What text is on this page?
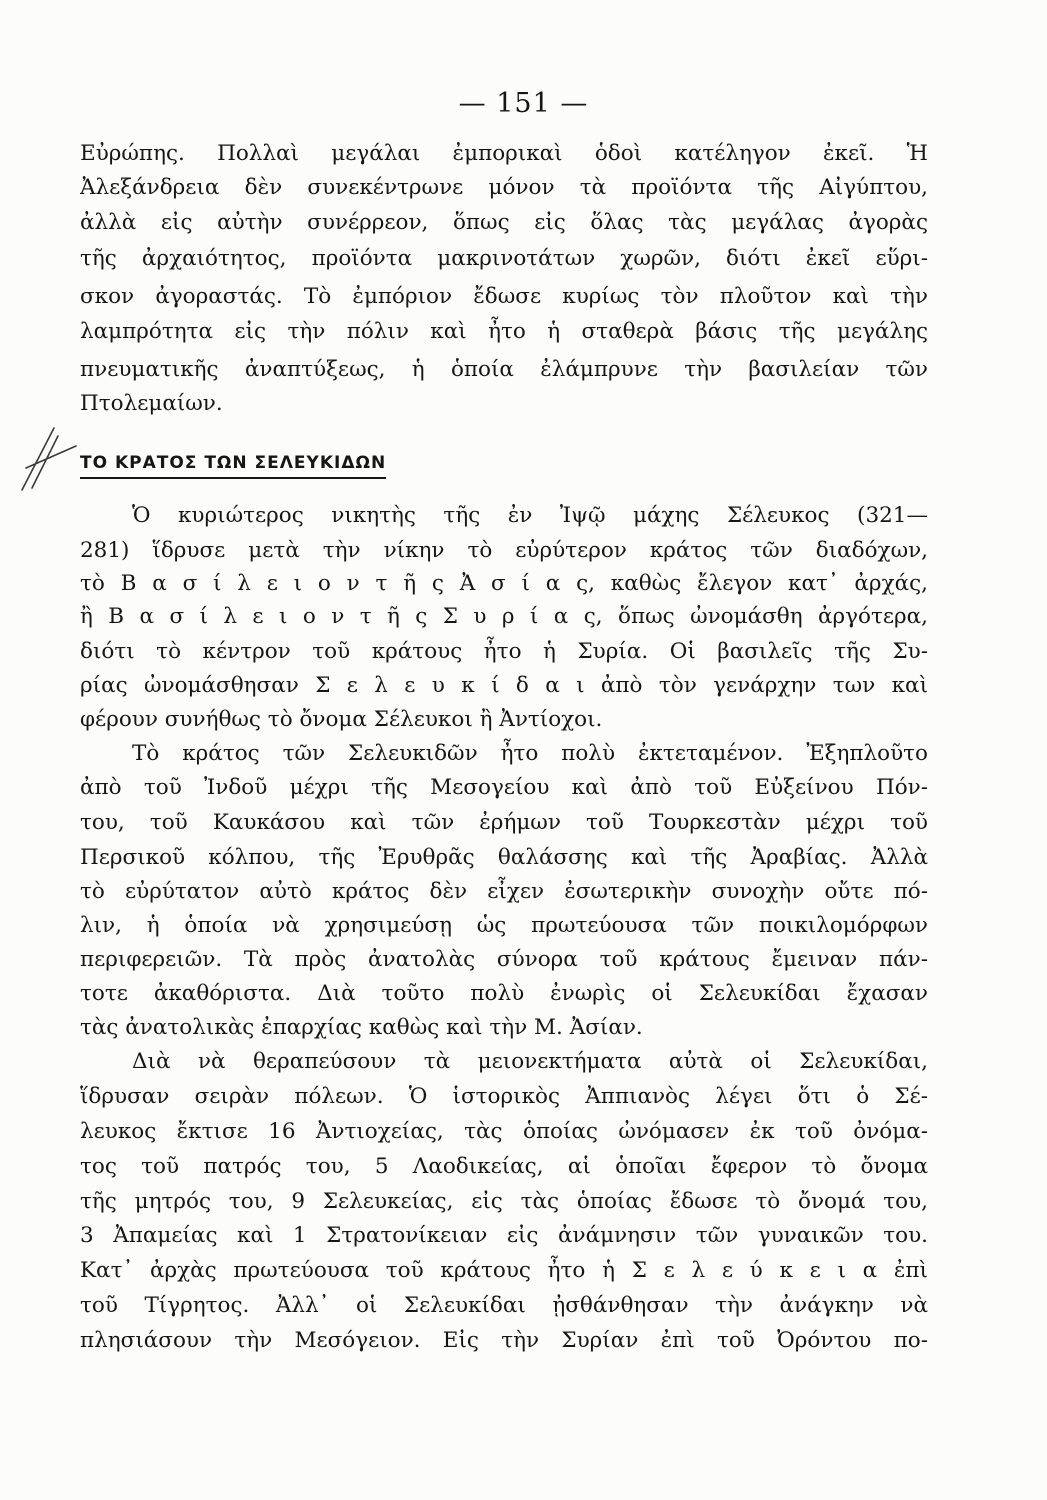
— 151 —
Εὐρώπης. Πολλαὶ μεγάλαι ἐμπορικαὶ ὁδοὶ κατέληγον ἐκεῖ. Ἡ
Ἀλεξάνδρεια δὲν συνεκέντρωνε μόνον τὰ προϊόντα τῆς Αἰγύπτου,
ἀλλὰ εἰς αὐτὴν συνέρρεον, ὅπως εἰς ὅλας τὰς μεγάλας ἀγορὰς
τῆς ἀρχαιότητος, προϊόντα μακρινοτάτων χωρῶν, διότι ἐκεῖ εὕρι-
σκον ἀγοραστάς. Τὸ ἐμπόριον ἔδωσε κυρίως τὸν πλοῦτον καὶ τὴν
λαμπρότητα εἰς τὴν πόλιν καὶ ἦτο ἡ σταθερὰ βάσις τῆς μεγάλης
πνευματικῆς ἀναπτύξεως, ἡ ὁποία ἐλάμπρυνε τὴν βασιλείαν τῶν
Πτολεμαίων.
ΤΟ ΚΡΑΤΟΣ ΤΩΝ ΣΕΛΕΥΚΙΔΩΝ
Ὁ κυριώτερος νικητὴς τῆς ἐν Ἰψῷ μάχης Σέλευκος (321—
281) ἵδρυσε μετὰ τὴν νίκην τὸ εὐρύτερον κράτος τῶν διαδόχων,
τὸ Β α σ ί λ ε ι ο ν τ ῆ ς Ἀ σ ί α ς, καθὼς ἔλεγον κατ᾽ ἀρχάς,
ἢ Β α σ ί λ ε ι ο ν τ ῆ ς Σ υ ρ ί α ς, ὅπως ὠνομάσθη ἀργότερα,
διότι τὸ κέντρον τοῦ κράτους ἦτο ἡ Συρία. Οἱ βασιλεῖς τῆς Συ-
ρίας ὠνομάσθησαν Σ ε λ ε υ κ ί δ α ι ἀπὸ τὸν γενάρχην των καὶ
φέρουν συνήθως τὸ ὄνομα Σέλευκοι ἢ Ἀντίοχοι.
Τὸ κράτος τῶν Σελευκιδῶν ἦτο πολὺ ἐκτεταμένον. Ἐξηπλοῦτο
ἀπὸ τοῦ Ἰνδοῦ μέχρι τῆς Μεσογείου καὶ ἀπὸ τοῦ Εὐξείνου Πόν-
του, τοῦ Καυκάσου καὶ τῶν ἐρήμων τοῦ Τουρκεστὰν μέχρι τοῦ
Περσικοῦ κόλπου, τῆς Ἐρυθρᾶς θαλάσσης καὶ τῆς Ἀραβίας. Ἀλλὰ
τὸ εὐρύτατον αὐτὸ κράτος δὲν εἶχεν ἐσωτερικὴν συνοχὴν οὔτε πό-
λιν, ἡ ὁποία νὰ χρησιμεύσῃ ὡς πρωτεύουσα τῶν ποικιλομόρφων
περιφερειῶν. Τὰ πρὸς ἀνατολὰς σύνορα τοῦ κράτους ἔμειναν πάν-
τοτε ἀκαθόριστα. Διὰ τοῦτο πολὺ ἐνωρὶς οἱ Σελευκίδαι ἔχασαν
τὰς ἀνατολικὰς ἐπαρχίας καθὼς καὶ τὴν Μ. Ἀσίαν.
Διὰ νὰ θεραπεύσουν τὰ μειονεκτήματα αὐτὰ οἱ Σελευκίδαι,
ἵδρυσαν σειρὰν πόλεων. Ὁ ἱστορικὸς Ἀππιανὸς λέγει ὅτι ὁ Σέ-
λευκος ἔκτισε 16 Ἀντιοχείας, τὰς ὁποίας ὠνόμασεν ἐκ τοῦ ὀνόμα-
τος τοῦ πατρός του, 5 Λαοδικείας, αἱ ὁποῖαι ἔφερον τὸ ὄνομα
τῆς μητρός του, 9 Σελευκείας, εἰς τὰς ὁποίας ἔδωσε τὸ ὄνομά του,
3 Ἀπαμείας καὶ 1 Στρατονίκειαν εἰς ἀνάμνησιν τῶν γυναικῶν του.
Κατ᾽ ἀρχὰς πρωτεύουσα τοῦ κράτους ἦτο ἡ Σ ε λ ε ύ κ ε ι α ἐπὶ
τοῦ Τίγρητος. Ἀλλ᾽ οἱ Σελευκίδαι ᾐσθάνθησαν τὴν ἀνάγκην νὰ
πλησιάσουν τὴν Μεσόγειον. Εἰς τὴν Συρίαν ἐπὶ τοῦ Ὀρόντου πο-
